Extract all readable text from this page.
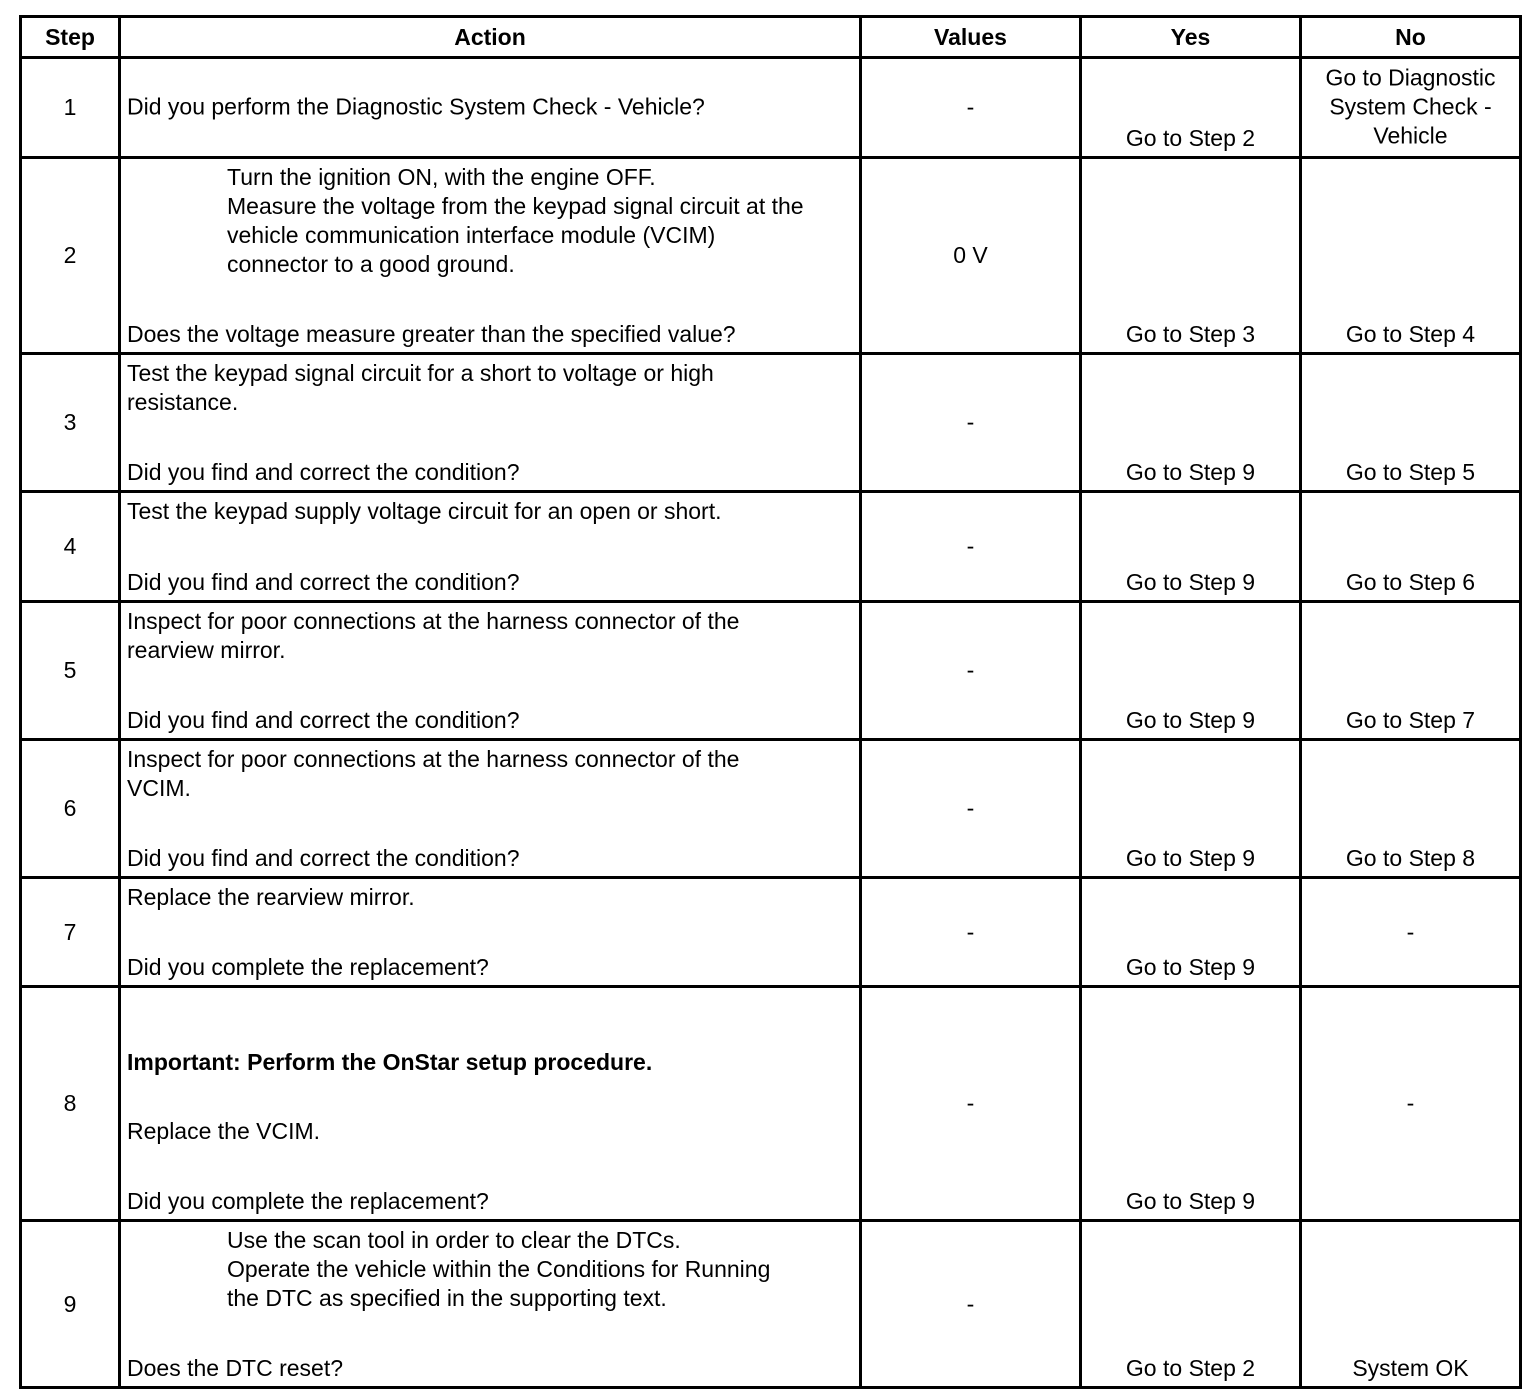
Step	Action	Values	Yes	No
1	Did you perform the Diagnostic System Check - Vehicle?	-	Go to Step 2	Go to Diagnostic
System Check -
Vehicle

2	Turn the ignition ON, with the engine OFF.
Measure the voltage from the keypad signal circuit at the
vehicle communication interface module (VCIM)
connector to a good ground.
Does the voltage measure greater than the specified value?	0 V	Go to Step 3	Go to Step 4

3	Test the keypad signal circuit for a short to voltage or high
resistance.
Did you find and correct the condition?	-	Go to Step 9	Go to Step 5

4	Test the keypad supply voltage circuit for an open or short.
Did you find and correct the condition?	-	Go to Step 9	Go to Step 6

5	Inspect for poor connections at the harness connector of the
rearview mirror.
Did you find and correct the condition?	-	Go to Step 9	Go to Step 7

6	Inspect for poor connections at the harness connector of the
VCIM.
Did you find and correct the condition?	-	Go to Step 9	Go to Step 8

7	Replace the rearview mirror.
Did you complete the replacement?	-	Go to Step 9	-
8	Important: Perform the OnStar setup procedure.
Replace the VCIM.
Did you complete the replacement?	-	Go to Step 9	-
9	Use the scan tool in order to clear the DTCs.
Operate the vehicle within the Conditions for Running
the DTC as specified in the supporting text.
Does the DTC reset?	-	Go to Step 2	System OK
